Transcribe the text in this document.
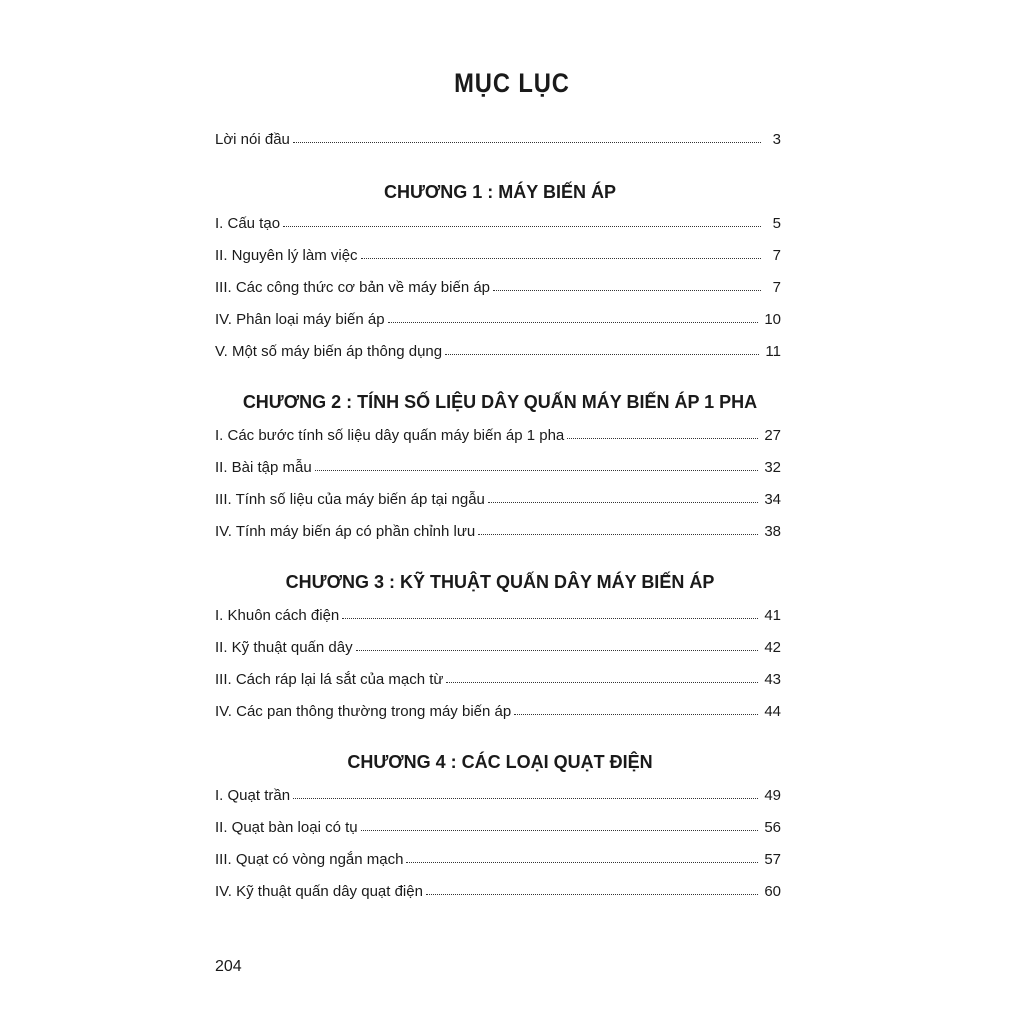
MỤC LỤC
Lời nói đầu	3
CHƯƠNG 1 : MÁY BIẾN ÁP
I. Cấu tạo	5
II. Nguyên lý làm việc	7
III. Các công thức cơ bản về máy biến áp	7
IV. Phân loại máy biến áp	10
V. Một số máy biến áp thông dụng	11
CHƯƠNG 2 : TÍNH SỐ LIỆU DÂY QUẤN MÁY BIẾN ÁP 1 PHA
I. Các bước tính số liệu dây quấn máy biến áp 1 pha	27
II. Bài tập mẫu	32
III. Tính số liệu của máy biến áp tại ngẫu	34
IV. Tính máy biến áp có phần chỉnh lưu	38
CHƯƠNG 3 : KỸ THUẬT QUẤN DÂY MÁY BIẾN ÁP
I. Khuôn cách điện	41
II. Kỹ thuật quấn dây	42
III. Cách ráp lại lá sắt của mạch từ	43
IV. Các pan thông thường trong máy biến áp	44
CHƯƠNG 4 : CÁC LOẠI QUẠT ĐIỆN
I. Quạt trần	49
II. Quạt bàn loại có tụ	56
III. Quạt có vòng ngắn mạch	57
IV. Kỹ thuật quấn dây quạt điện	60
204
